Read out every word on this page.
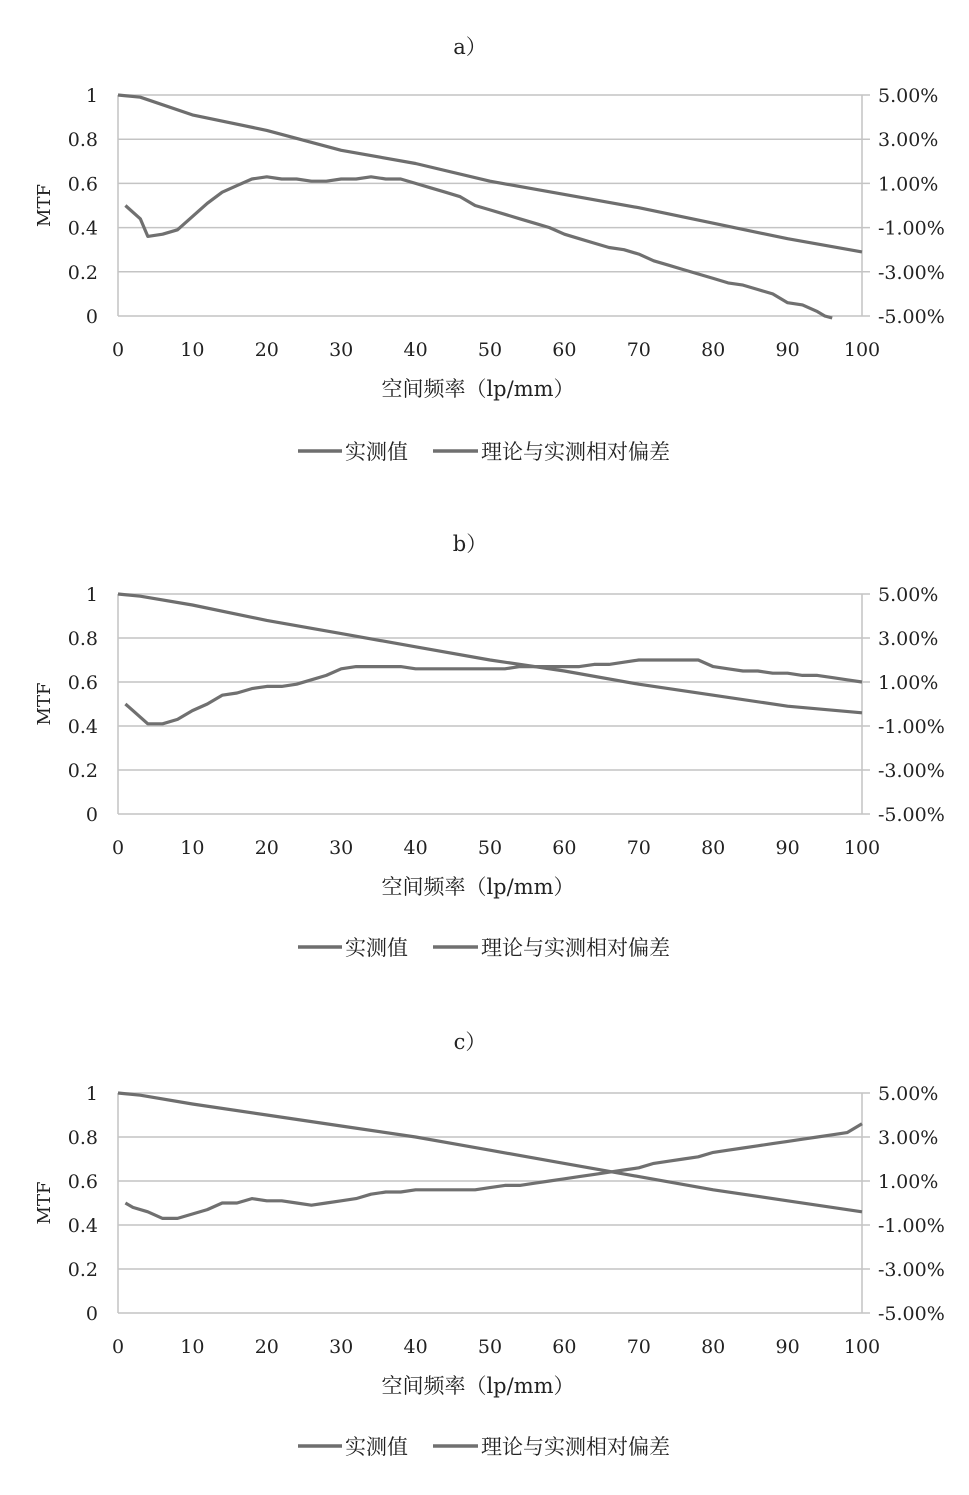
a）
0
0.2
0.4
0.6
0.8
1
-5.00%
-3.00%
-1.00%
1.00%
3.00%
5.00%
0	10	20	30	40	50	60	70	80	90 100
MTF
空间频率（lp/mm）
实测值	理论与实测相对偏差
b）
0
0.2
0.4
0.6
0.8
1
-5.00%
-3.00%
-1.00%
1.00%
3.00%
5.00%
0	10	20	30	40	50	60	70	80	90 100
MTF
空间频率（lp/mm）
实测值	理论与实测相对偏差
c）
0
0.2
0.4
0.6
0.8
1
-5.00%
-3.00%
-1.00%
1.00%
3.00%
5.00%
0	10	20	30	40	50	60	70	80	90 100
MTF
空间频率（lp/mm）
实测值	理论与实测相对偏差
